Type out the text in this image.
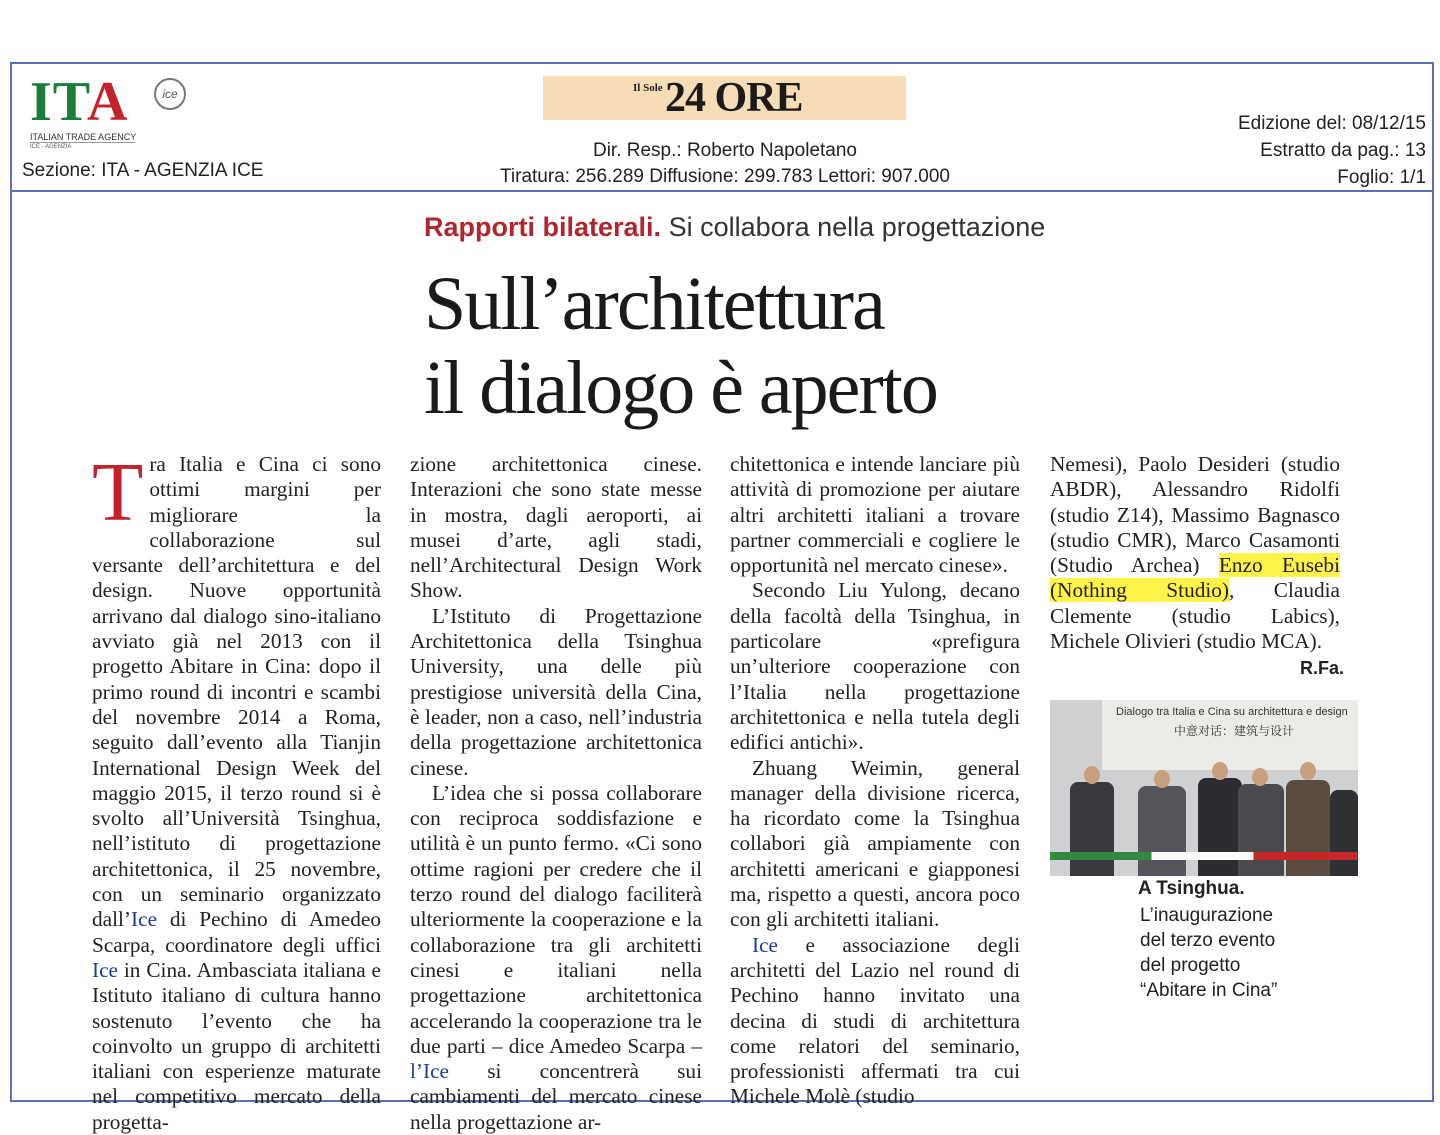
ITA
ITALIAN TRADE AGENCY
ICE - AGENZIA
ice
Sezione: ITA - AGENZIA ICE
Il Sole 24 ORE
Dir. Resp.: Roberto Napoletano
Tiratura: 256.289 Diffusione: 299.783 Lettori: 907.000
Edizione del: 08/12/15
Estratto da pag.: 13
Foglio: 1/1
Rapporti bilaterali. Si collabora nella progettazione
Sull’architettura
il dialogo è aperto

Tra Italia e Cina ci sono ottimi margini per migliorare la collaborazione sul versante dell’architettura e del design. Nuove opportunità arrivano dal dialogo sino-italiano avviato già nel 2013 con il progetto Abitare in Cina: dopo il primo round di incontri e scambi del novembre 2014 a Roma, seguito dall’evento alla Tianjin International Design Week del maggio 2015, il terzo round si è svolto all’Università Tsinghua, nell’istituto di progettazione architettonica, il 25 novembre, con un seminario organizzato dall’Ice di Pechino di Amedeo Scarpa, coordinatore degli uffici Ice in Cina. Ambasciata italiana e Istituto italiano di cultura hanno sostenuto l’evento che ha coinvolto un gruppo di architetti italiani con esperienze maturate nel competitivo mercato della progetta-

zione architettonica cinese. Interazioni che sono state messe in mostra, dagli aeroporti, ai musei d’arte, agli stadi, nell’Architectural Design Work Show.

L’Istituto di Progettazione Architettonica della Tsinghua University, una delle più prestigiose università della Cina, è leader, non a caso, nell’industria della progettazione architettonica cinese.

L’idea che si possa collaborare con reciproca soddisfazione e utilità è un punto fermo. «Ci sono ottime ragioni per credere che il terzo round del dialogo faciliterà ulteriormente la cooperazione e la collaborazione tra gli architetti cinesi e italiani nella progettazione architettonica accelerando la cooperazione tra le due parti – dice Amedeo Scarpa – l’Ice si concentrerà sui cambiamenti del mercato cinese nella progettazione ar-

chitettonica e intende lanciare più attività di promozione per aiutare altri architetti italiani a trovare partner commerciali e cogliere le opportunità nel mercato cinese».

Secondo Liu Yulong, decano della facoltà della Tsinghua, in particolare «prefigura un’ulteriore cooperazione con l’Italia nella progettazione architettonica e nella tutela degli edifici antichi».

Zhuang Weimin, general manager della divisione ricerca, ha ricordato come la Tsinghua collabori già ampiamente con architetti americani e giapponesi ma, rispetto a questi, ancora poco con gli architetti italiani.

Ice e associazione degli architetti del Lazio nel round di Pechino hanno invitato una decina di studi di architettura come relatori del seminario, professionisti affermati tra cui Michele Molè (studio

Nemesi), Paolo Desideri (studio ABDR), Alessandro Ridolfi (studio Z14), Massimo Bagnasco (studio CMR), Marco Casamonti (Studio Archea) Enzo Eusebi (Nothing Studio), Claudia Clemente (studio Labics), Michele Olivieri (studio MCA).

R.Fa.
Dialogo tra Italia e Cina su architettura e design
中意对话：建筑与设计
A Tsinghua.
L’inaugurazione
del terzo evento
del progetto
“Abitare in Cina”
